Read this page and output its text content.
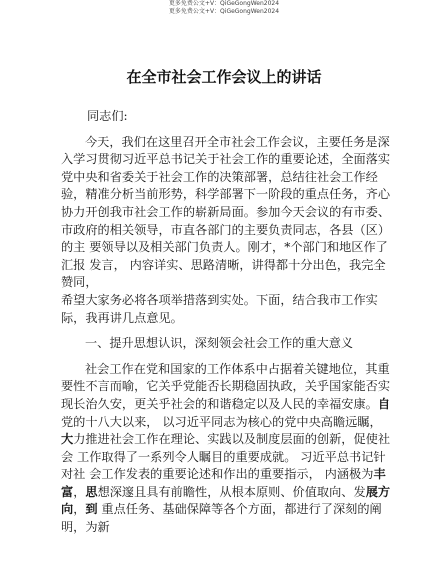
更多免费公文+V：QiGeGongWen2024
更多免费公文+V：QiGeGongWen2024
在全市社会工作会议上的讲话

同志们:

今天，我们在这里召开全市社会工作会议，主要任务是深入学习贯彻习近平总书记关于社会工作的重要论述，全面落实党中央和省委关于社会工作的决策部署，总结往社会工作经验，精准分析当前形势，科学部署下一阶段的重点任务，齐心协力开创我市社会工作的崭新局面。参加今天会议的有市委、市政府的相关领导，市直各部门的主要负责同志，各县（区）的主 要领导以及相关部门负责人。刚才，*个部门和地区作了汇报 发言， 内容详实、思路清晰，讲得都十分出色，我完全赞同，

希望大家务必将各项举措落到实处。下面，结合我市工作实际，我再讲几点意见。

一、提升思想认识，深刻领会社会工作的重大意义

社会工作在党和国家的工作体系中占据着关键地位，其重要性不言而喻，它关乎党能否长期稳固执政，关乎国家能否实现长治久安，更关乎社会的和谐稳定以及人民的幸福安康。自党的十八大以来， 以习近平同志为核心的党中央高瞻远瞩，大力推进社会工作在理论、实践以及制度层面的创新，促使社会 工作取得了一系列令人瞩目的重要成就。 习近平总书记针对社 会工作发表的重要论述和作出的重要指示， 内涵极为丰富，思想深邃且具有前瞻性，从根本原则、价值取向、发展方向，到 重点任务、基础保障等各个方面，都进行了深刻的阐明，为新
